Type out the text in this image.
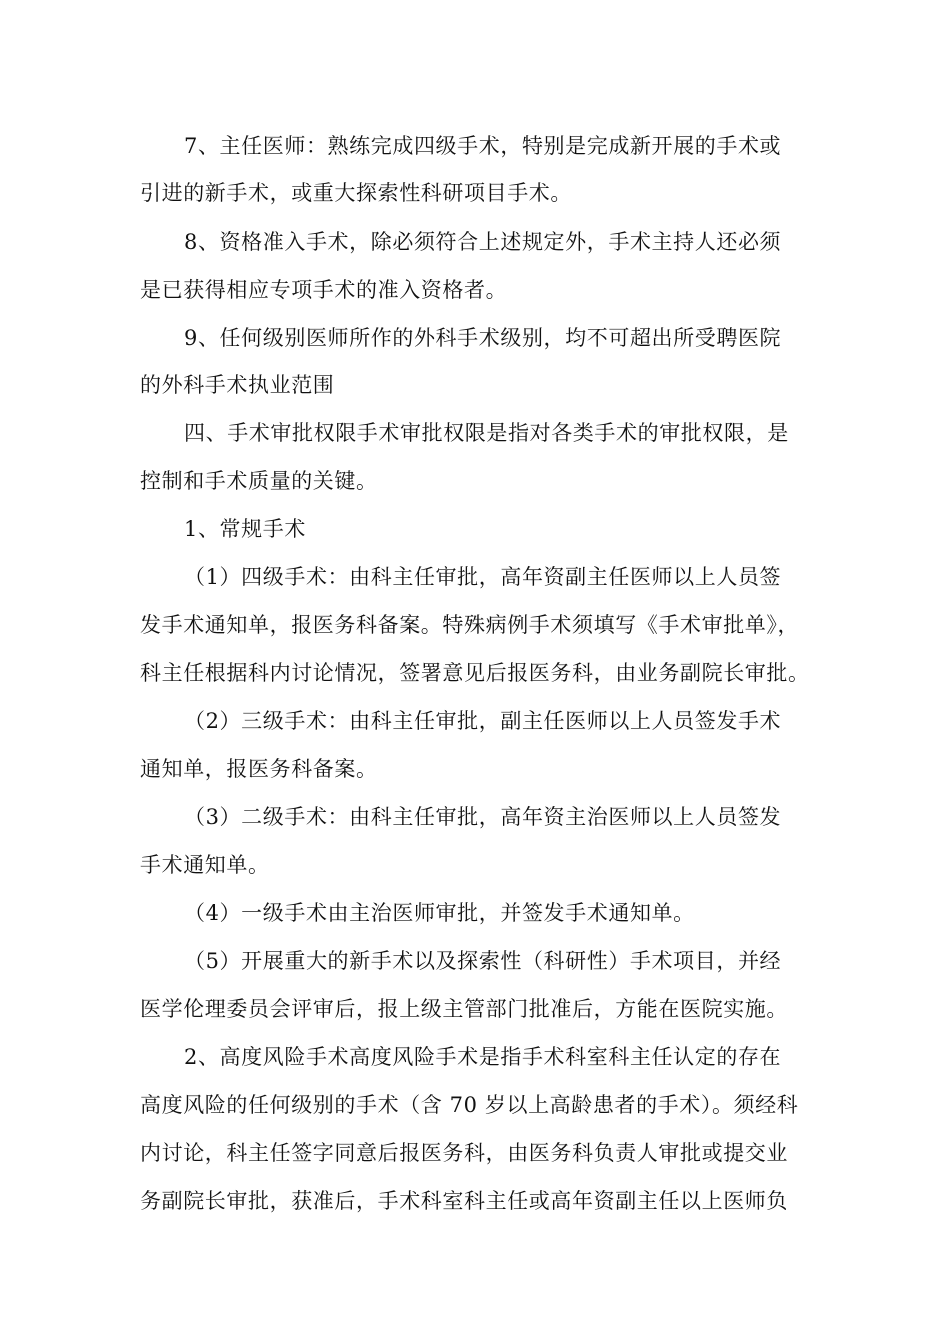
7、主任医师：熟练完成四级手术，特别是完成新开展的手术或
引进的新手术，或重大探索性科研项目手术。
8、资格准入手术，除必须符合上述规定外，手术主持人还必须
是已获得相应专项手术的准入资格者。
9、任何级别医师所作的外科手术级别，均不可超出所受聘医院
的外科手术执业范围
四、手术审批权限手术审批权限是指对各类手术的审批权限，是
控制和手术质量的关键。
1、常规手术
（1）四级手术：由科主任审批，高年资副主任医师以上人员签
发手术通知单，报医务科备案。特殊病例手术须填写《手术审批单》，
科主任根据科内讨论情况，签署意见后报医务科，由业务副院长审批。
（2）三级手术：由科主任审批，副主任医师以上人员签发手术
通知单，报医务科备案。
（3）二级手术：由科主任审批，高年资主治医师以上人员签发
手术通知单。
（4）一级手术由主治医师审批，并签发手术通知单。
（5）开展重大的新手术以及探索性（科研性）手术项目，并经
医学伦理委员会评审后，报上级主管部门批准后，方能在医院实施。
2、高度风险手术高度风险手术是指手术科室科主任认定的存在
高度风险的任何级别的手术（含 70 岁以上高龄患者的手术）。须经科
内讨论，科主任签字同意后报医务科，由医务科负责人审批或提交业
务副院长审批，获准后，手术科室科主任或高年资副主任以上医师负
